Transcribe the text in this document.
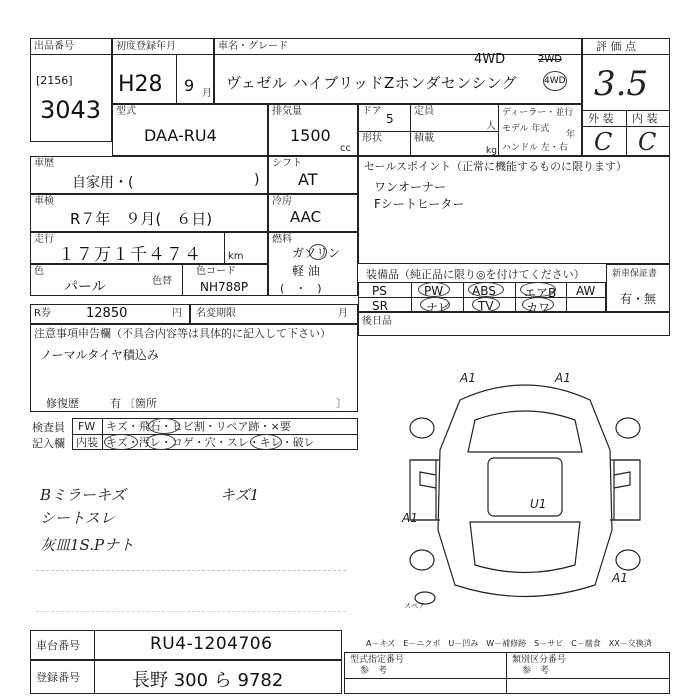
出品番号
[2156]
3043
初度登録年月
H28 9 月
車名・グレード
4WD	2WD
4WD
ヴェゼル ハイブリッドZホンダセンシング
評 価 点
3.5
外 装 内 装
C C
型式
DAA-RU4
排気量
1500
cc
ドア
5
定員
人
形状	積載
kg
ディーラー・並行
モデル 年式
年
ハンドル 左・右
車歴
自家用・(	)
シフト
AT
車検
R７年　９月(　６日)
冷房
AAC
走行
１７万１千４７４	km
燃料
ガソリン
軽 油
(　・　)
色
パール	色替
色コード
NH788P
R券	12850	円 名変期限	月
セールスポイント（正常に機能するものに限ります）
ワンオーナー
Fシートヒーター
装備品（純正品に限り◎を付けてください）
PS	PW ABS エアB AW
SR	ナビ TV	カワ
新車保証書
有・無
後日品
注意事項申告欄（不具合内容等は具体的に記入して下さい）
ノーマルタイヤ積込み
修復歴	有 〔箇所	〕
検査員
記入欄
FW キズ・飛石・ヒビ割・リペア跡・×要
内装 キズ・汚レ・コゲ・穴・スレ・キレ・破レ
Bミラーキズ
シートスレ
灰皿1S.Pナト
キズ1
A1	A1
A1
U1
A1
スペア
A－キズ　E－ニクボ　U－凹み　W－補修跡　S－サビ　C－腐食　XX－交換済
車台番号	RU4-1204706
登録番号	長野 300 ら 9782
型式指定番号
参　考
類別区分番号
参　考
